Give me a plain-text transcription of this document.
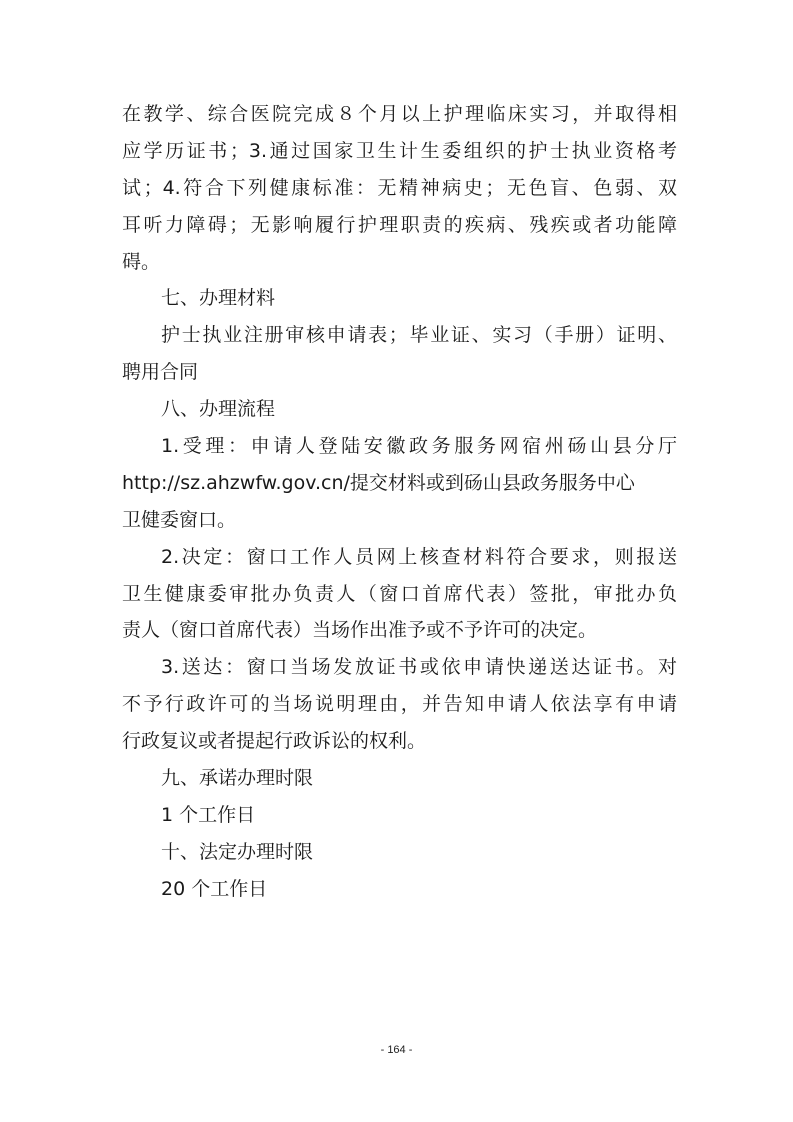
在教学、综合医院完成８个月以上护理临床实习，并取得相
应学历证书；3.通过国家卫生计生委组织的护士执业资格考
试；4.符合下列健康标准：无精神病史；无色盲、色弱、双
耳听力障碍；无影响履行护理职责的疾病、残疾或者功能障
碍。
七、办理材料
护士执业注册审核申请表；毕业证、实习（手册）证明、
聘用合同
八、办理流程
1.受理：申请人登陆安徽政务服务网宿州砀山县分厅
http://sz.ahzwfw.gov.cn/提交材料或到砀山县政务服务中心
卫健委窗口。
2.决定：窗口工作人员网上核查材料符合要求，则报送
卫生健康委审批办负责人（窗口首席代表）签批，审批办负
责人（窗口首席代表）当场作出准予或不予许可的决定。
3.送达：窗口当场发放证书或依申请快递送达证书。对
不予行政许可的当场说明理由，并告知申请人依法享有申请
行政复议或者提起行政诉讼的权利。
九、承诺办理时限
1 个工作日
十、法定办理时限
20 个工作日
- 164 -
